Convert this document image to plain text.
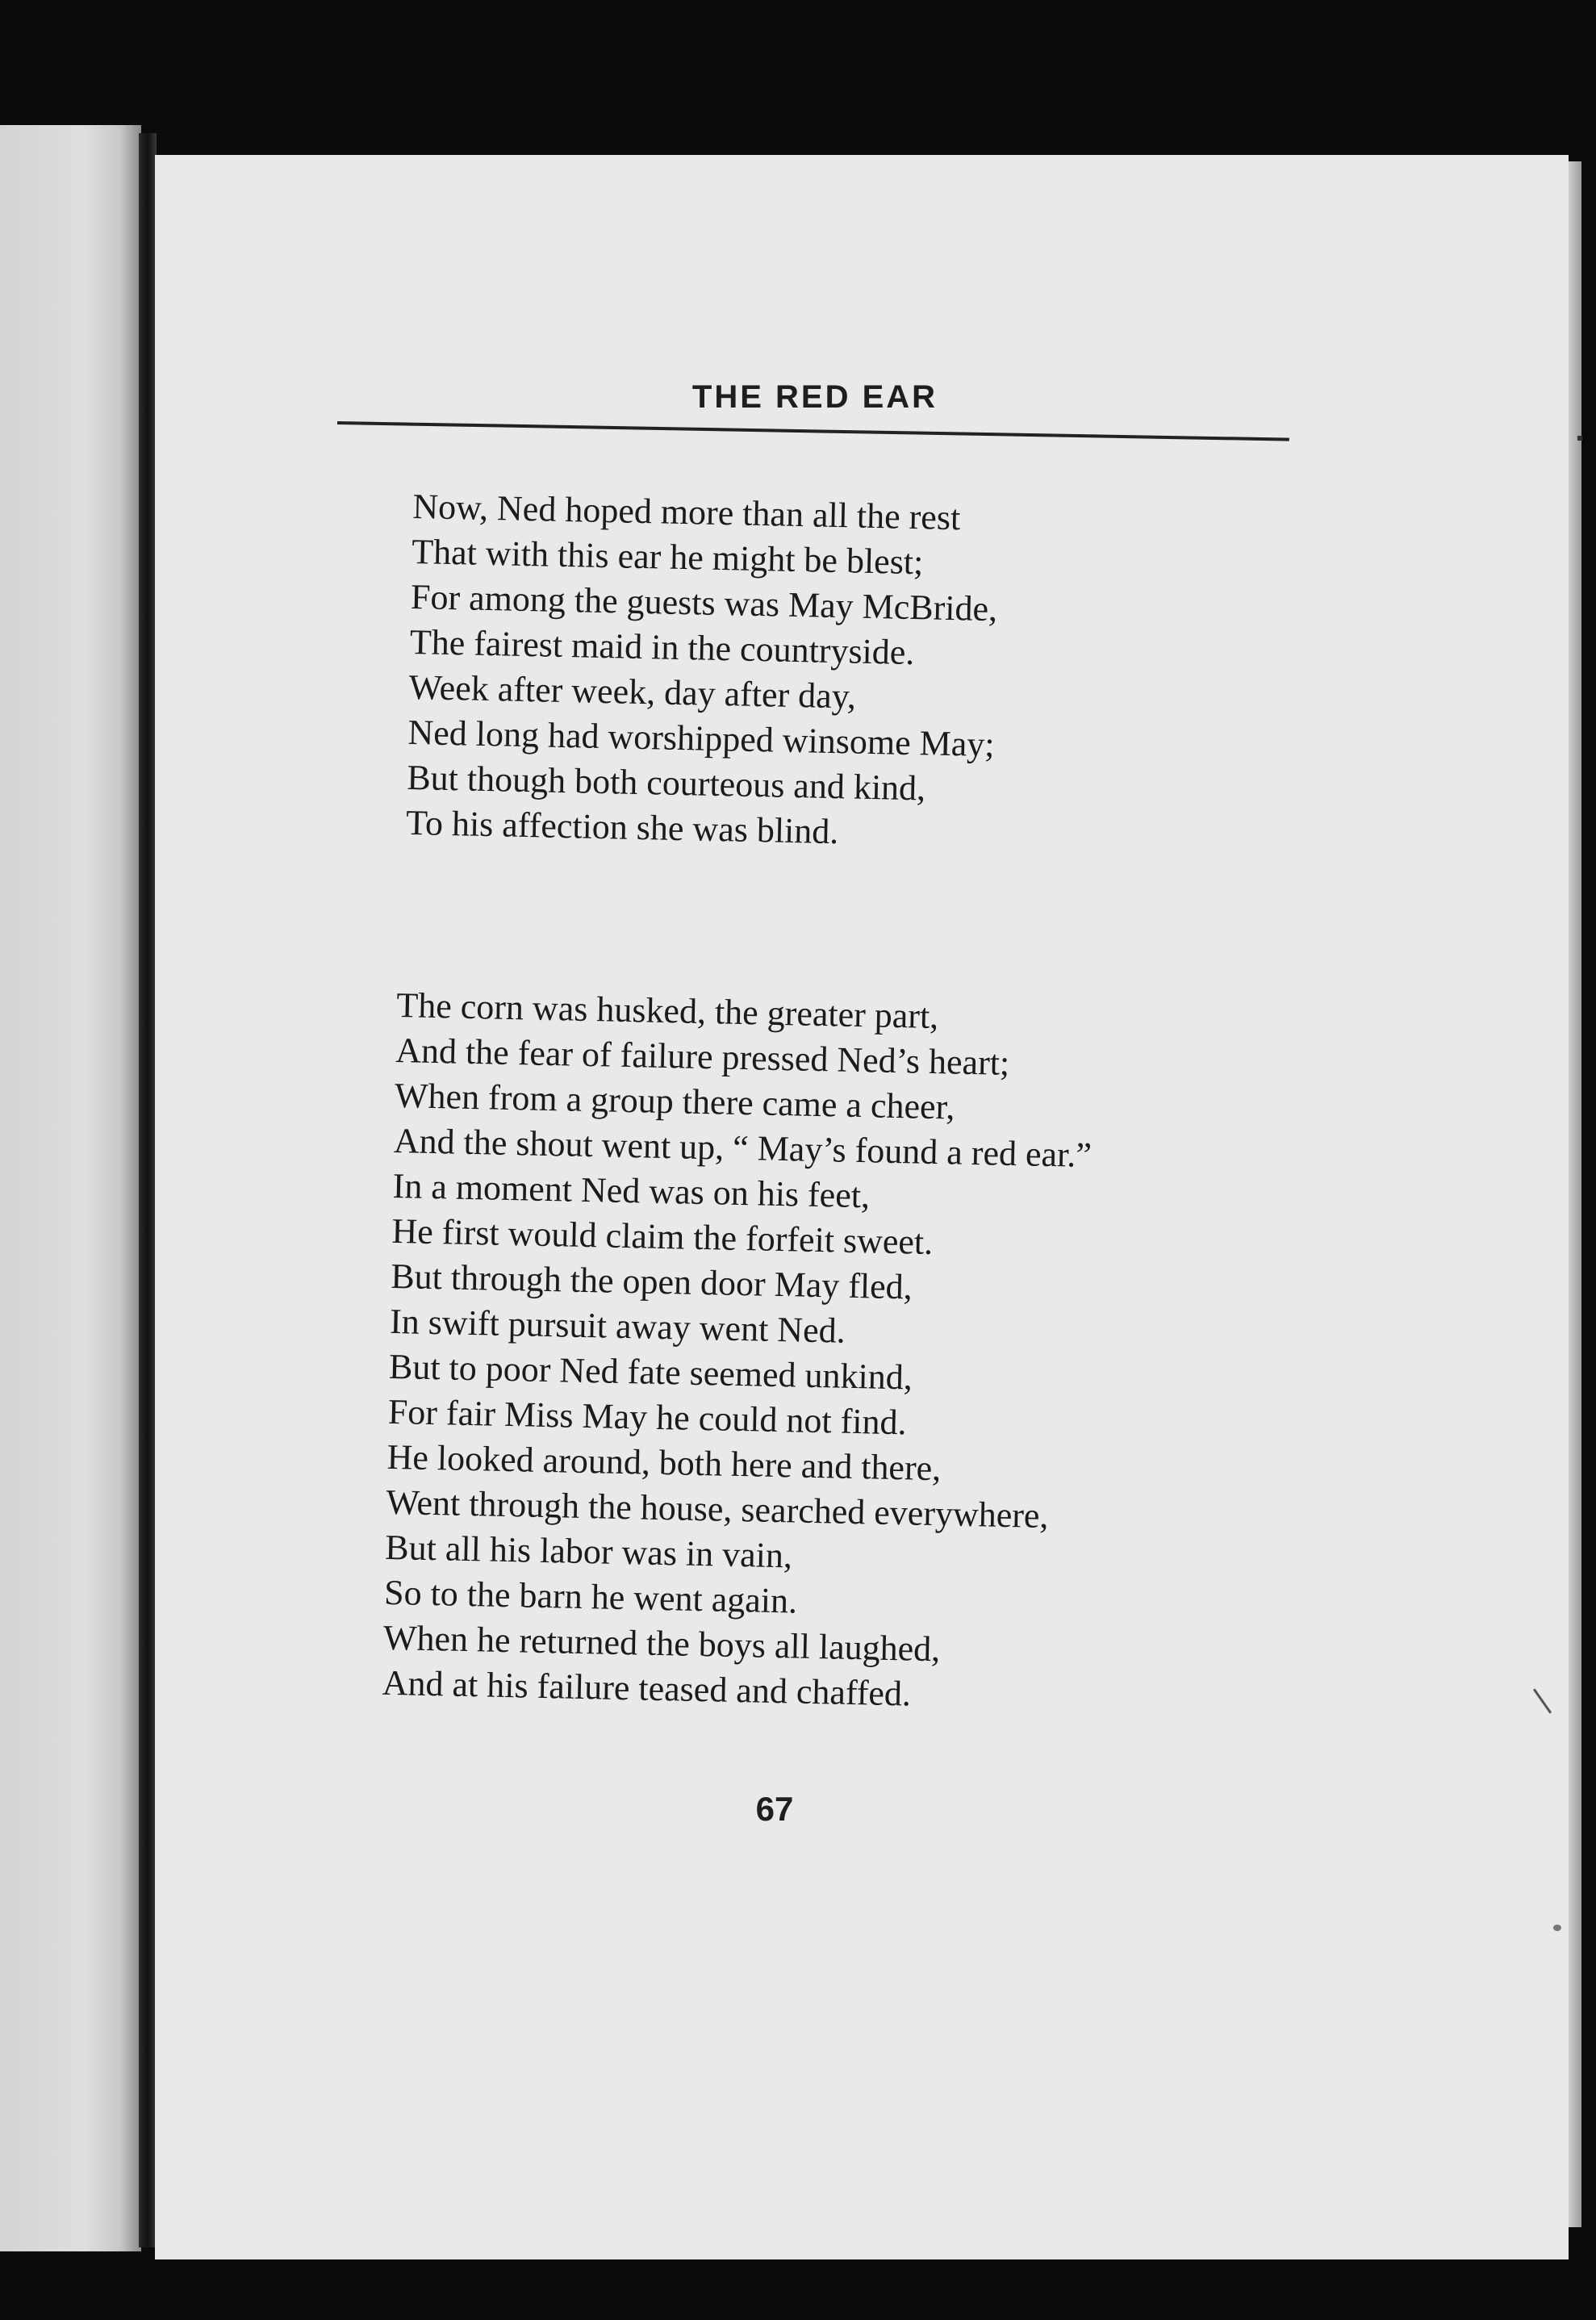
THE RED EAR
Now, Ned hoped more than all the rest
That with this ear he might be blest;
For among the guests was May McBride,
The fairest maid in the countryside.
Week after week, day after day,
Ned long had worshipped winsome May;
But though both courteous and kind,
To his affection she was blind.
The corn was husked, the greater part,
And the fear of failure pressed Ned’s heart;
When from a group there came a cheer,
And the shout went up, “ May’s found a red ear.”
In a moment Ned was on his feet,
He first would claim the forfeit sweet.
But through the open door May fled,
In swift pursuit away went Ned.
But to poor Ned fate seemed unkind,
For fair Miss May he could not find.
He looked around, both here and there,
Went through the house, searched everywhere,
But all his labor was in vain,
So to the barn he went again.
When he returned the boys all laughed,
And at his failure teased and chaffed.
67
